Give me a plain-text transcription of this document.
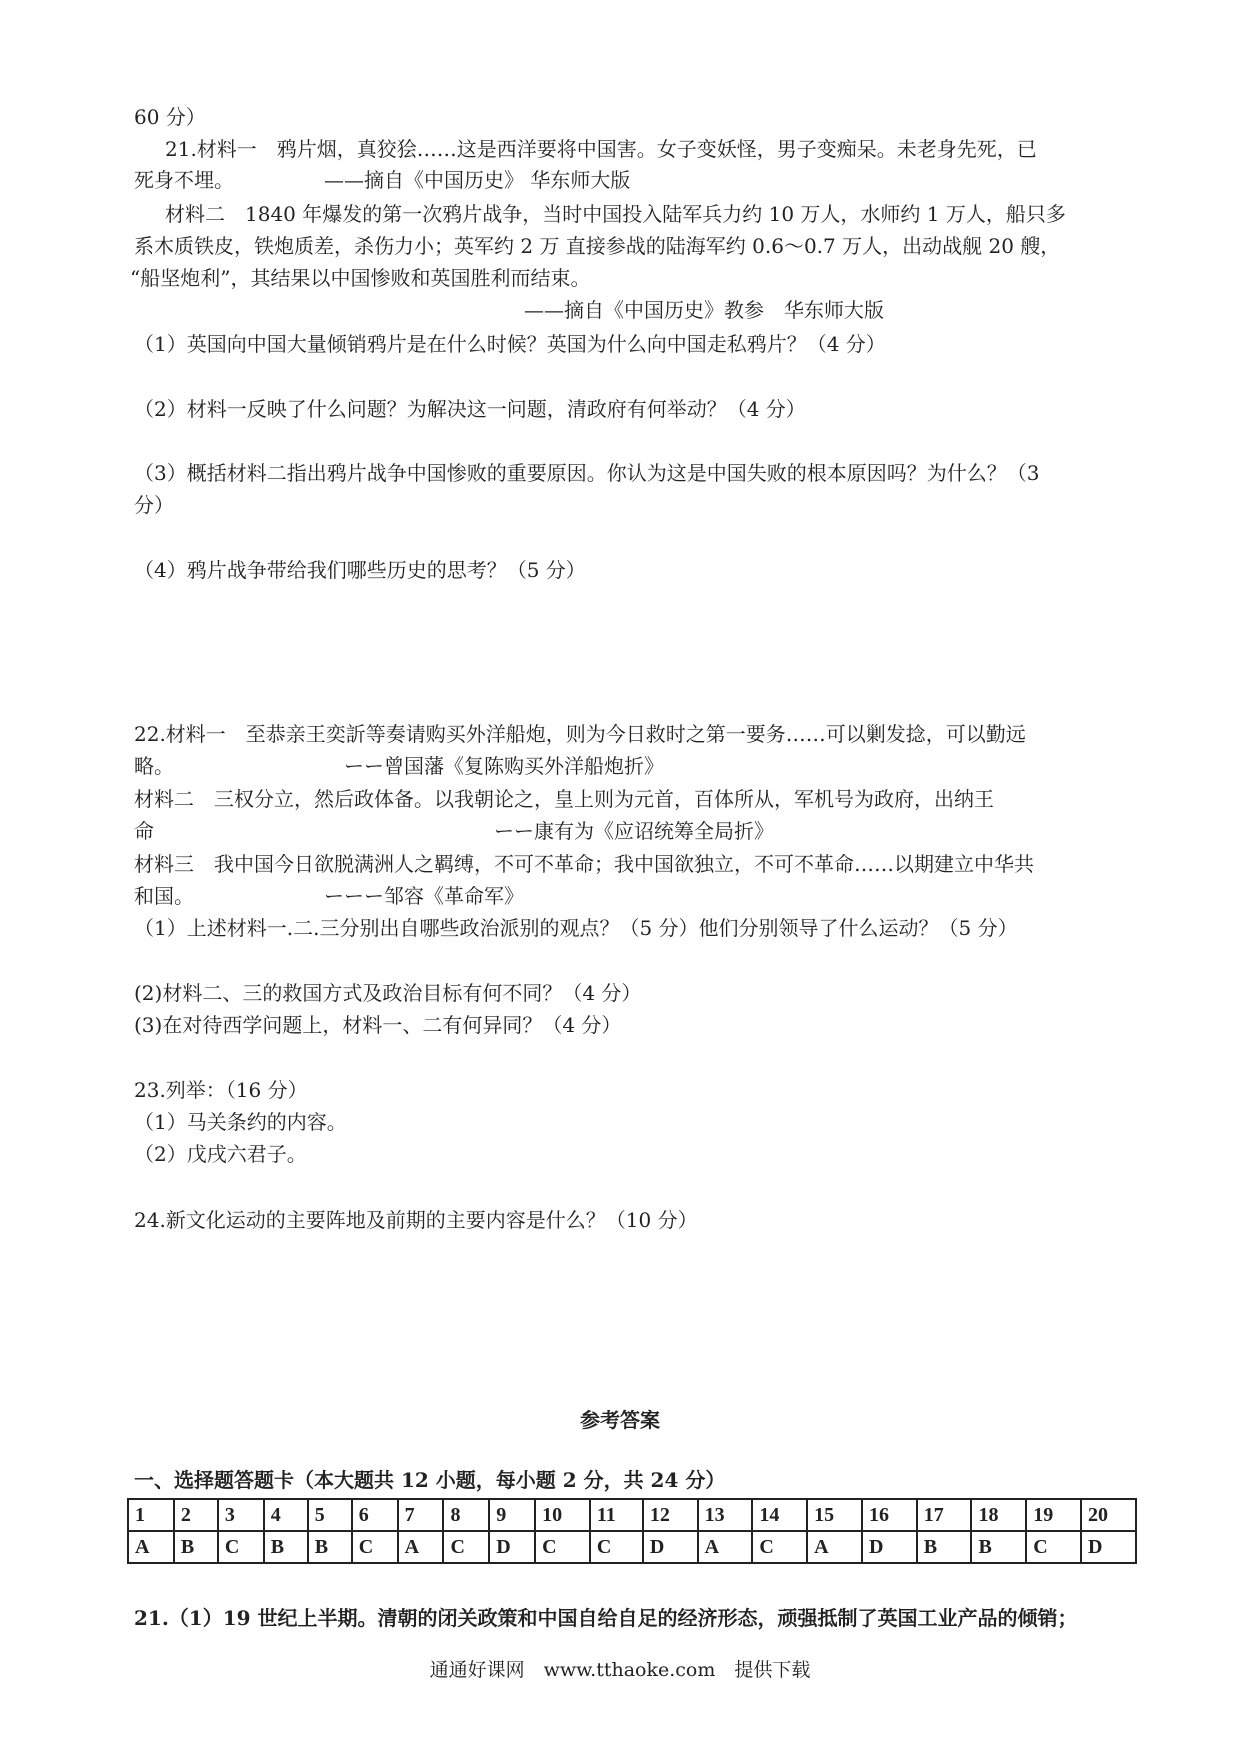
60 分）
21.材料一　鸦片烟，真狡狯……这是西洋要将中国害。女子变妖怪，男子变痴呆。未老身先死，已
死身不埋。　　　　　——摘自《中国历史》 华东师大版
材料二　1840 年爆发的第一次鸦片战争，当时中国投入陆军兵力约 10 万人，水师约 1 万人，船只多
系木质铁皮，铁炮质差，杀伤力小；英军约 2 万 直接参战的陆海军约 0.6～0.7 万人，出动战舰 20 艘，
“船坚炮利”，其结果以中国惨败和英国胜利而结束。
——摘自《中国历史》教参　华东师大版
（1）英国向中国大量倾销鸦片是在什么时候？英国为什么向中国走私鸦片？（4 分）
（2）材料一反映了什么问题？为解决这一问题，清政府有何举动？（4 分）
（3）概括材料二指出鸦片战争中国惨败的重要原因。你认为这是中国失败的根本原因吗？为什么？（3
分）
（4）鸦片战争带给我们哪些历史的思考？（5 分）
22.材料一　至恭亲王奕訢等奏请购买外洋船炮，则为今日救时之第一要务……可以剿发捻，可以勤远
略。　　　　　　　　　ーー曾国藩《复陈购买外洋船炮折》
材料二　三权分立，然后政体备。以我朝论之，皇上则为元首，百体所从，军机号为政府，出纳王
命　　　　　　　　　　　　　　　　　ーー康有为《应诏统筹全局折》
材料三　我中国今日欲脱满洲人之羁缚，不可不革命；我中国欲独立，不可不革命……以期建立中华共
和国。　　　　　　　ーーー邹容《革命军》
（1）上述材料一.二.三分别出自哪些政治派别的观点？（5 分）他们分别领导了什么运动？（5 分）
(2)材料二、三的救国方式及政治目标有何不同？（4 分）
(3)在对待西学问题上，材料一、二有何异同？（4 分）
23.列举：（16 分）
（1）马关条约的内容。
（2）戊戌六君子。
24.新文化运动的主要阵地及前期的主要内容是什么？（10 分）
参考答案
一、选择题答题卡（本大题共 12 小题，每小题 2 分，共 24 分）
1	2	3	4	5	6	7	8	9	10	11	12	13	14	15	16	17	18	19	20
A	B	C	B	B	C	A	C	D	C	C	D	A	C	A	D	B	B	C	D
21.（1）19 世纪上半期。清朝的闭关政策和中国自给自足的经济形态，顽强抵制了英国工业产品的倾销；
通通好课网　www.tthaoke.com　提供下载
